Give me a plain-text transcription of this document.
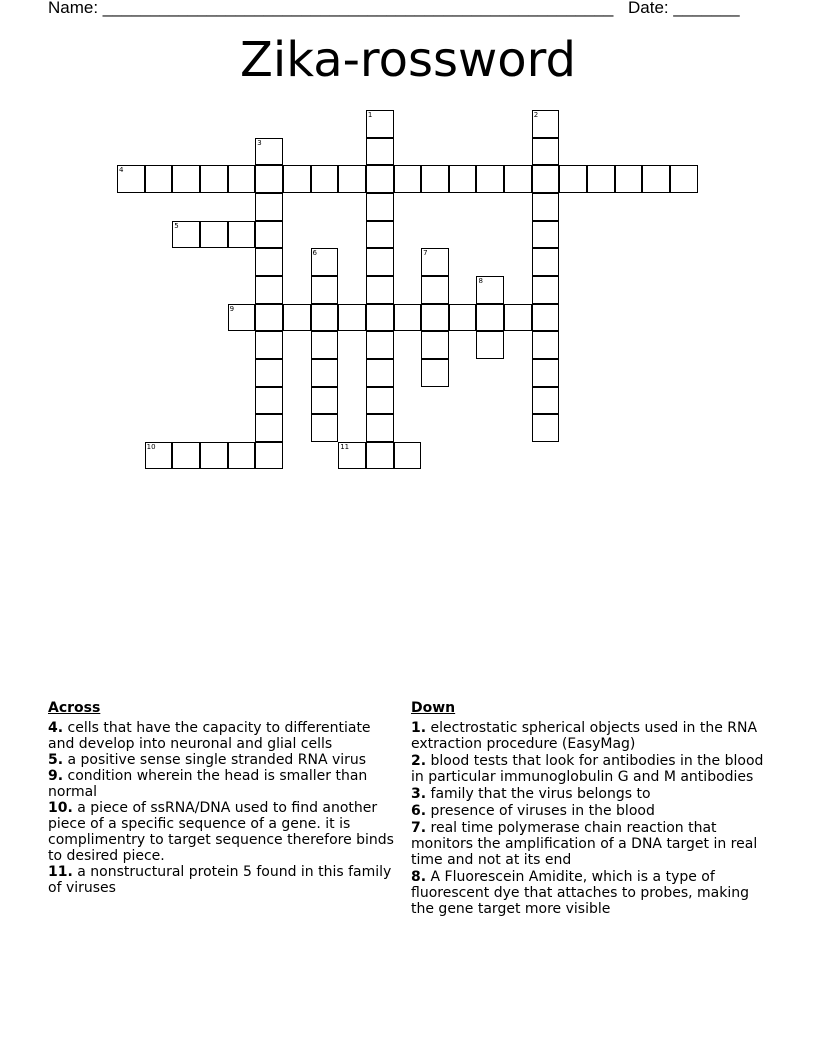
Name: ______________________________________________________ Date: _______
Zika-rossword
1	2
3
4
5
6	7
8
9
10	11
Across
4. cells that have the capacity to differentiate and develop into neuronal and glial cells
5. a positive sense single stranded RNA virus
9. condition wherein the head is smaller than normal
10. a piece of ssRNA/DNA used to find another piece of a specific sequence of a gene. it is complimentry to target sequence therefore binds to desired piece.
11. a nonstructural protein 5 found in this family of viruses
Down
1. electrostatic spherical objects used in the RNA extraction procedure (EasyMag)
2. blood tests that look for antibodies in the blood in particular immunoglobulin G and M antibodies
3. family that the virus belongs to
6. presence of viruses in the blood
7. real time polymerase chain reaction that monitors the amplification of a DNA target in real time and not at its end
8. A Fluorescein Amidite, which is a type of fluorescent dye that attaches to probes, making the gene target more visible
